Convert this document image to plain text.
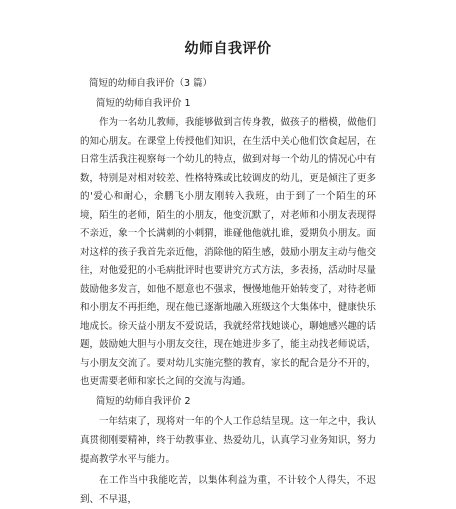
幼师自我评价
简短的幼师自我评价（3 篇）
简短的幼师自我评价 1

作为一名幼儿教师，我能够做到言传身教，做孩子的楷模，做他们的知心朋友。在课堂上传授他们知识，在生活中关心他们饮食起居，在日常生活我注视察每一个幼儿的特点，做到对每一个幼儿的情况心中有数，特别是对相对较差、性格特殊或比较调皮的幼儿，更是倾注了更多的'爱心和耐心，余鹏飞小朋友刚转入我班，由于到了一个陌生的环境，陌生的老师，陌生的小朋友，他变沉默了，对老师和小朋友表现得不亲近，象一个长满刺的小刺猬，谁碰他他就扎谁，爱期负小朋友。面对这样的孩子我首先亲近他，消除他的陌生感，鼓励小朋友主动与他交往，对他爱犯的小毛病批评时也要讲究方式方法，多表扬，活动时尽量鼓励他多发言，如他不愿意也不强求，慢慢地他开始转变了，对待老师和小朋友不再拒绝，现在他已逐渐地融入班级这个大集体中，健康快乐地成长。徐天益小朋友不爱说话，我就经常找她谈心，聊她感兴趣的话题，鼓励她大胆与小朋友交往，现在她进步多了，能主动找老师说话，与小朋友交流了。要对幼儿实施完整的教育，家长的配合是分不开的，也更需要老师和家长之间的交流与沟通。

简短的幼师自我评价 2

一年结束了，现将对一年的个人工作总结呈现。这一年之中，我认真贯彻刚要精神，终于幼教事业、热爱幼儿，认真学习业务知识，努力提高教学水平与能力。

在工作当中我能吃苦，以集体利益为重，不计较个人得失，不迟到、不早退，
